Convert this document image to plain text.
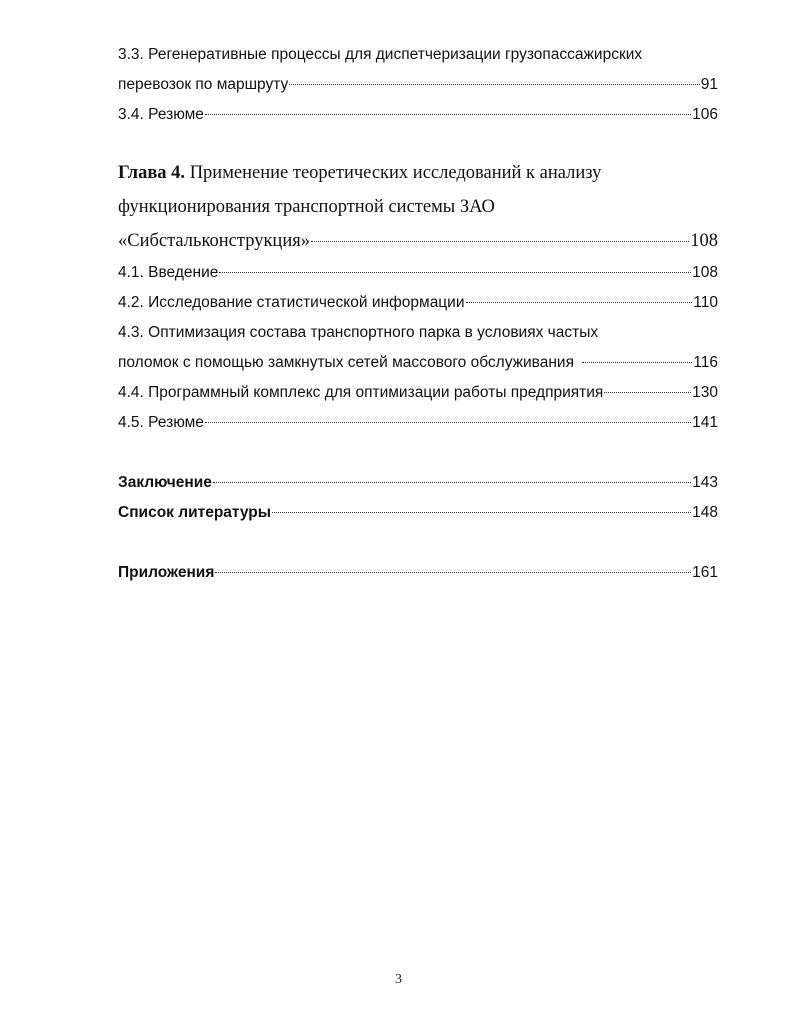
3.3. Регенеративные процессы для диспетчеризации грузопассажирских
перевозок по маршруту	91
3.4. Резюме	106
Глава 4. Применение теоретических исследований к анализу
функционирования транспортной системы ЗАО
«Сибстальконструкция»	108
4.1. Введение	108
4.2. Исследование статистической информации	110
4.3. Оптимизация состава транспортного парка в условиях частых
поломок с помощью замкнутых сетей массового обслуживания	116
4.4. Программный комплекс для оптимизации работы предприятия	130
4.5. Резюме	141
Заключение	143
Список литературы	148
Приложения	161
3
